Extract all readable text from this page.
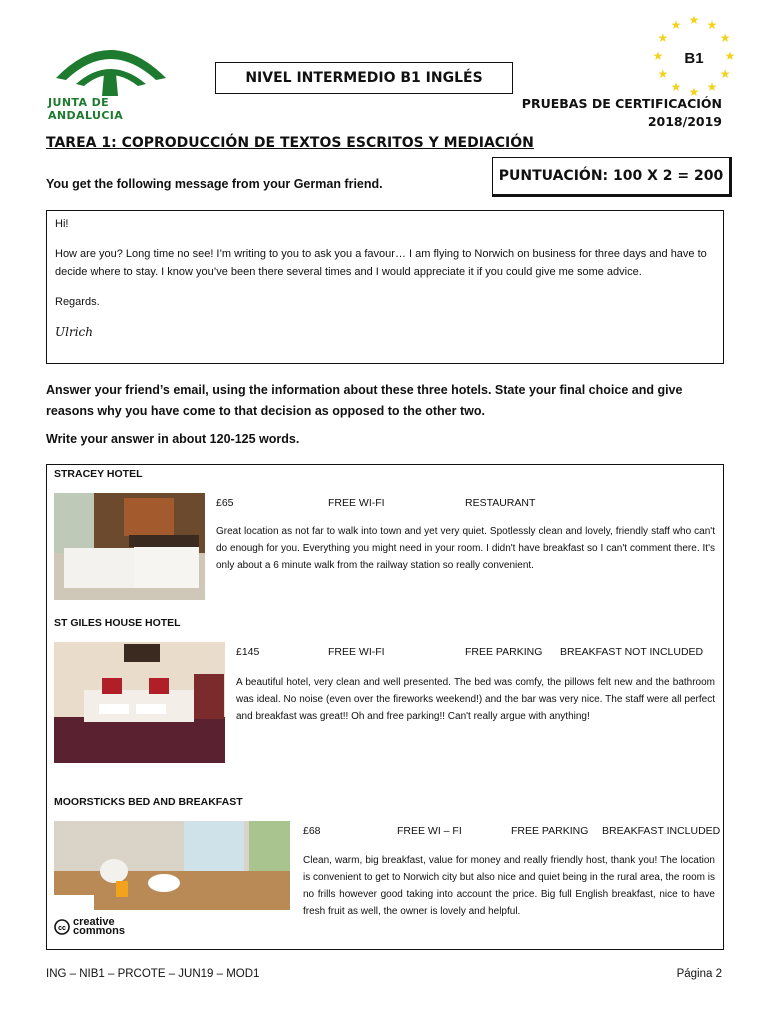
JUNTA DE ANDALUCIA
NIVEL INTERMEDIO B1 INGLÉS
B1
★ ★
★
★
★
★
★
★
★
★
★
★
PRUEBAS DE CERTIFICACIÓN
2018/2019
TAREA 1: COPRODUCCIÓN DE TEXTOS ESCRITOS Y MEDIACIÓN
You get the following message from your German friend.	PUNTUACIÓN: 100 X 2 = 200

Hi!

How are you? Long time no see! I’m writing to you to ask you a favour… I am flying to Norwich on business for three days and have to decide where to stay. I know you’ve been there several times and I would appreciate it if you could give me some advice.

Regards.

Ulrich

Answer your friend’s email, using the information about these three hotels. State your final choice and give reasons why you have come to that decision as opposed to the other two.
Write your answer in about 120-125 words.
STRACEY HOTEL
£65	FREE WI-FI	RESTAURANT
Great location as not far to walk into town and yet very quiet. Spotlessly clean and lovely, friendly staff who can't do enough for you. Everything you might need in your room. I didn't have breakfast so I can't comment there. It's only about a 6 minute walk from the railway station so really convenient.
ST GILES HOUSE HOTEL
£145	FREE WI-FI	FREE PARKING BREAKFAST NOT INCLUDED
A beautiful hotel, very clean and well presented. The bed was comfy, the pillows felt new and the bathroom was ideal. No noise (even over the fireworks weekend!) and the bar was very nice. The staff were all perfect and breakfast was great!! Oh and free parking!! Can't really argue with anything!
MOORSTICKS BED AND BREAKFAST
£68	FREE WI – FI	FREE PARKING BREAKFAST INCLUDED
Clean, warm, big breakfast, value for money and really friendly host, thank you! The location is convenient to get to Norwich city but also nice and quiet being in the rural area, the room is no frills however good taking into account the price. Big full English breakfast, nice to have fresh fruit as well, the owner is lovely and helpful.
cc
creative
commons
ING – NIB1 – PRCOTE – JUN19 – MOD1	Página 2
